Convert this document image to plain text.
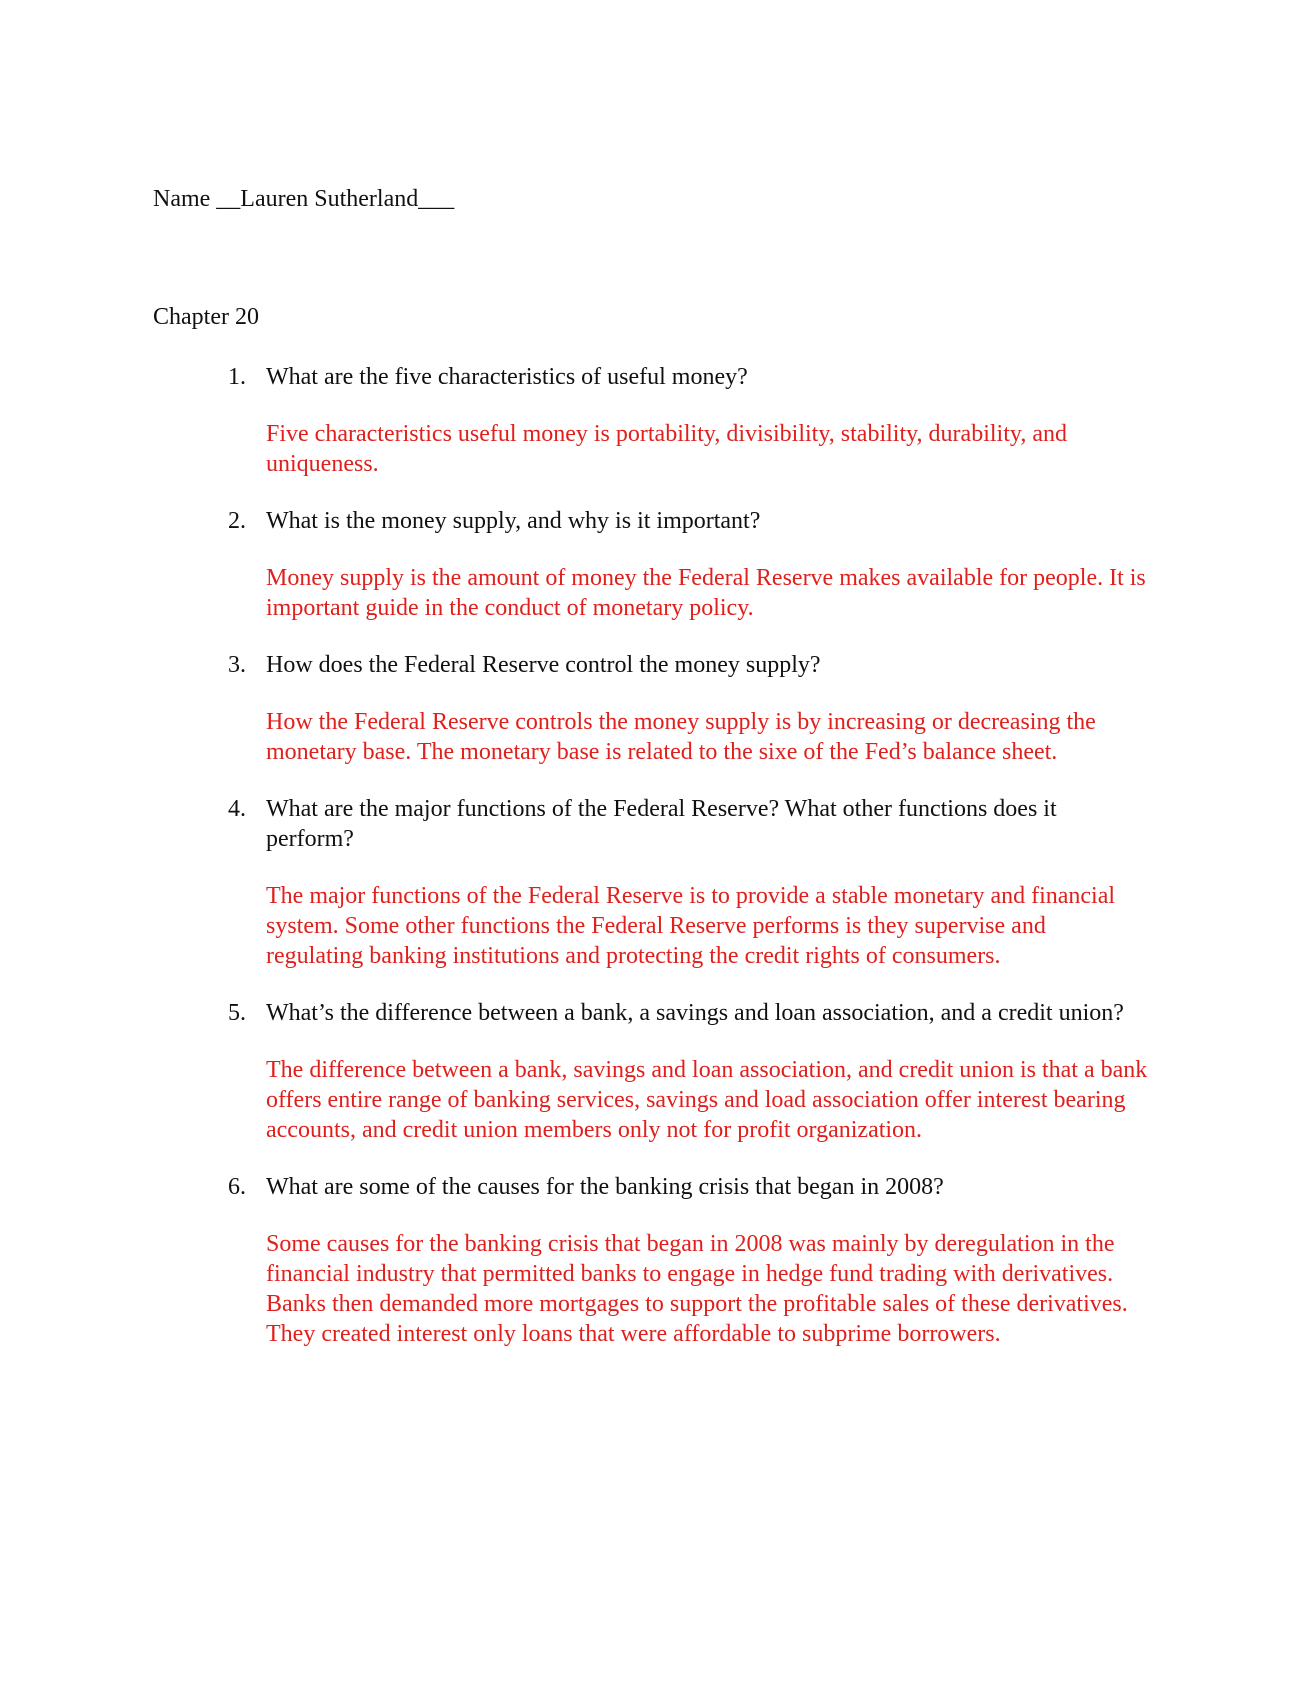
Name __Lauren Sutherland___
Chapter 20
1. What are the five characteristics of useful money?

Five characteristics useful money is portability, divisibility, stability, durability, and uniqueness.

2. What is the money supply, and why is it important?

Money supply is the amount of money the Federal Reserve makes available for people. It is important guide in the conduct of monetary policy.

3. How does the Federal Reserve control the money supply?

How the Federal Reserve controls the money supply is by increasing or decreasing the monetary base. The monetary base is related to the sixe of the Fed’s balance sheet.

4. What are the major functions of the Federal Reserve? What other functions does it perform?

The major functions of the Federal Reserve is to provide a stable monetary and financial system. Some other functions the Federal Reserve performs is they supervise and regulating banking institutions and protecting the credit rights of consumers.

5. What’s the difference between a bank, a savings and loan association, and a credit union?

The difference between a bank, savings and loan association, and credit union is that a bank offers entire range of banking services, savings and load association offer interest bearing accounts, and credit union members only not for profit organization.

6. What are some of the causes for the banking crisis that began in 2008?

Some causes for the banking crisis that began in 2008 was mainly by deregulation in the financial industry that permitted banks to engage in hedge fund trading with derivatives. Banks then demanded more mortgages to support the profitable sales of these derivatives. They created interest only loans that were affordable to subprime borrowers.
